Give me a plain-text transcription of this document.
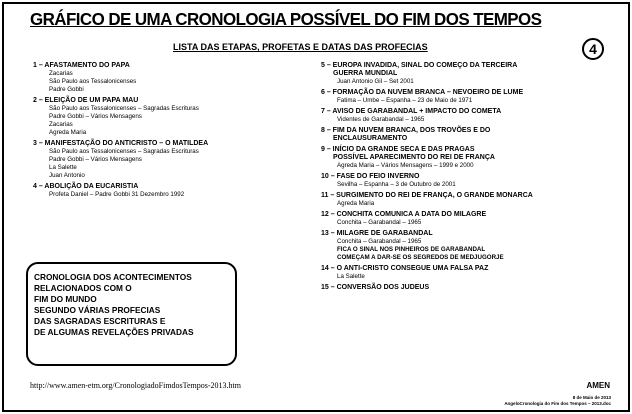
GRÁFICO DE UMA CRONOLOGIA POSSÍVEL DO FIM DOS TEMPOS
LISTA DAS ETAPAS, PROFETAS E DATAS DAS PROFECIAS	4
1 – AFASTAMENTO DO PAPA
Zacarias
São Paulo aos Tessalonicenses
Padre Gobbi
2 – ELEIÇÃO DE UM PAPA MAU
São Paulo aos Tessalonicenses – Sagradas Escrituras
Padre Gobbi – Vários Mensagens
Zacarias
Agreda Maria
3 – MANIFESTAÇÃO DO ANTICRISTO – O MATILDEA
São Paulo aos Tessalonicenses – Sagradas Escrituras
Padre Gobbi – Vários Mensagens
La Salette
Juan Antonio
4 – ABOLIÇÃO DA EUCARISTIA
Profeta Daniel – Padre Gobbi 31 Dezembro 1992
5 – EUROPA INVADIDA, SINAL DO COMEÇO DA TERCEIRA
GUERRA MUNDIAL
Juan Antonio Gil – Set 2001
6 – FORMAÇÃO DA NUVEM BRANCA – NEVOEIRO DE LUME
Fatima – Umbe – Espanha – 23 de Maio de 1971
7 – AVISO DE GARABANDAL + IMPACTO DO COMETA
Videntes de Garabandal – 1965
8 – FIM DA NUVEM BRANCA, DOS TROVÕES E DO
ENCLAUSURAMENTO
9 – INÍCIO DA GRANDE SECA E DAS PRAGAS
POSSÍVEL APARECIMENTO DO REI DE FRANÇA
Agreda Maria – Vários Mensagens – 1999 e 2000
10 – FASE DO FEIO INVERNO
Sevilha – Espanha – 3 de Outubro de 2001
11 – SURGIMENTO DO REI DE FRANÇA, O GRANDE MONARCA
Agreda Maria
12 – CONCHITA COMUNICA A DATA DO MILAGRE
Conchita – Garabandal – 1965
13 – MILAGRE DE GARABANDAL
Conchita – Garabandal – 1965
FICA O SINAL NOS PINHEIROS DE GARABANDAL
COMEÇAM A DAR-SE OS SEGREDOS DE MEDJUGORJE
14 – O ANTI-CRISTO CONSEGUE UMA FALSA PAZ
La Salette
15 – CONVERSÃO DOS JUDEUS
CRONOLOGIA DOS ACONTECIMENTOS
RELACIONADOS COM O
FIM DO MUNDO
SEGUNDO VÁRIAS PROFECIAS
DAS SAGRADAS ESCRITURAS E
DE ALGUMAS REVELAÇÕES PRIVADAS
http://www.amen-etm.org/CronologiadoFimdosTempos-2013.htm	AMEN
8 de Maio de 2013
AngeloCronologia do Fim dos Tempos – 2013.doc
